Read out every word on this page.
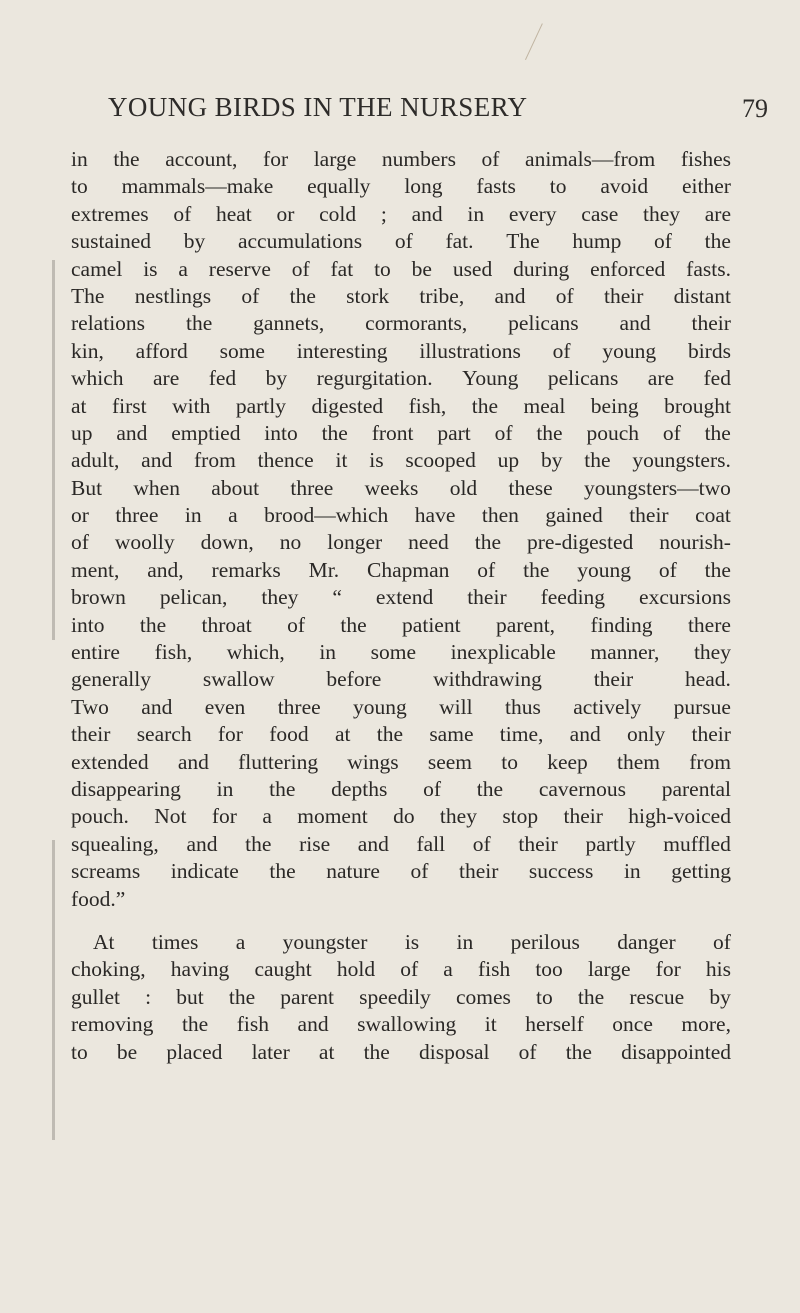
YOUNG BIRDS IN THE NURSERY	79
in the account, for large numbers of animals—from fishes
to mammals—make equally long fasts to avoid either
extremes of heat or cold ; and in every case they are
sustained by accumulations of fat. The hump of the
camel is a reserve of fat to be used during enforced fasts.
The nestlings of the stork tribe, and of their distant
relations the gannets, cormorants, pelicans and their
kin, afford some interesting illustrations of young birds
which are fed by regurgitation. Young pelicans are fed
at first with partly digested fish, the meal being brought
up and emptied into the front part of the pouch of the
adult, and from thence it is scooped up by the youngsters.
But when about three weeks old these youngsters—two
or three in a brood—which have then gained their coat
of woolly down, no longer need the pre-digested nourish-
ment, and, remarks Mr. Chapman of the young of the
brown pelican, they “ extend their feeding excursions
into the throat of the patient parent, finding there
entire fish, which, in some inexplicable manner, they
generally swallow before withdrawing their head.
Two and even three young will thus actively pursue
their search for food at the same time, and only their
extended and fluttering wings seem to keep them from
disappearing in the depths of the cavernous parental
pouch. Not for a moment do they stop their high-voiced
squealing, and the rise and fall of their partly muffled
screams indicate the nature of their success in getting
food.”
At times a youngster is in perilous danger of
choking, having caught hold of a fish too large for his
gullet : but the parent speedily comes to the rescue by
removing the fish and swallowing it herself once more,
to be placed later at the disposal of the disappointed
